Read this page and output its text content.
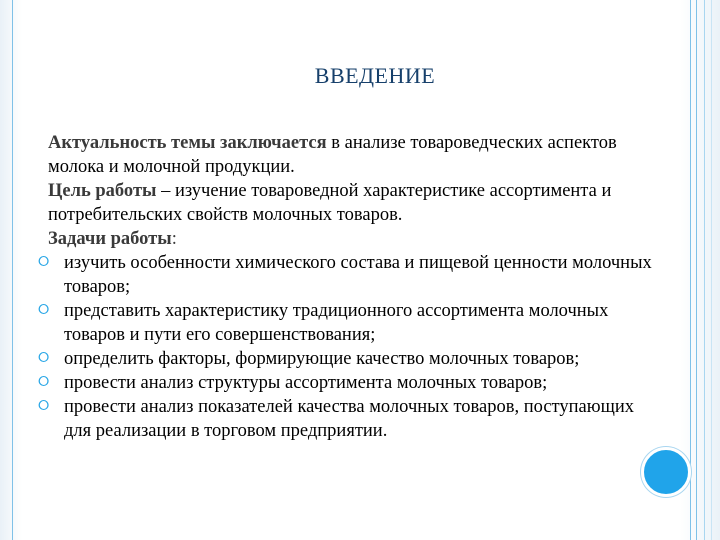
ВВЕДЕНИЕ
Актуальность темы заключается в анализе товароведческих аспектов молока и молочной продукции.
Цель работы – изучение товароведной характеристике ассортимента и потребительских свойств молочных товаров.
Задачи работы:
⭘ изучить особенности химического состава и пищевой ценности молочных товаров;
⭘ представить характеристику традиционного ассортимента молочных товаров и пути его совершенствования;
⭘ определить факторы, формирующие качество молочных товаров;
⭘ провести анализ структуры ассортимента молочных товаров;
⭘ провести анализ показателей качества молочных товаров, поступающих для реализации в торговом предприятии.
